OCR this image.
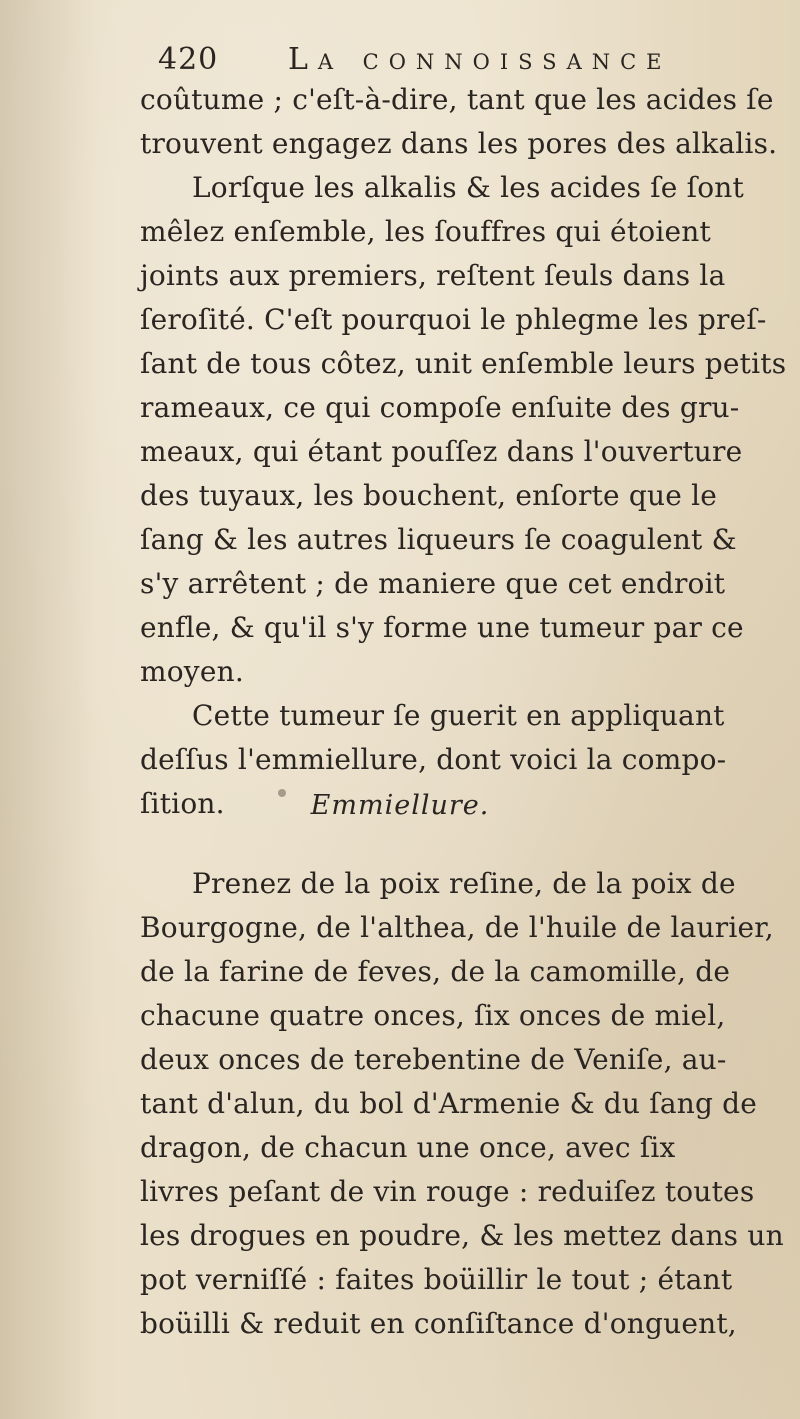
420	La connoissance
coûtume ; c'eſt-à-dire, tant que les acides ſe
trouvent engagez dans les pores des alkalis.
Lorſque les alkalis & les acides ſe ſont
mêlez enſemble, les ſouffres qui étoient
joints aux premiers, reſtent ſeuls dans la
ſeroſité. C'eſt pourquoi le phlegme les preſ-
ſant de tous côtez, unit enſemble leurs petits
rameaux, ce qui compoſe enſuite des gru-
meaux, qui étant pouſſez dans l'ouverture
des tuyaux, les bouchent, enſorte que le
ſang & les autres liqueurs ſe coagulent &
s'y arrêtent ; de maniere que cet endroit
enfle, & qu'il s'y forme une tumeur par ce
moyen.
Cette tumeur ſe guerit en appliquant
deſſus l'emmiellure, dont voici la compo-
ſition.	Emmiellure.
Prenez de la poix reſine, de la poix de
Bourgogne, de l'althea, de l'huile de laurier,
de la farine de feves, de la camomille, de
chacune quatre onces, ſix onces de miel,
deux onces de terebentine de Veniſe, au-
tant d'alun, du bol d'Armenie & du ſang de
dragon, de chacun une once, avec ſix
livres peſant de vin rouge : reduiſez toutes
les drogues en poudre, & les mettez dans un
pot verniſſé : faites boüillir le tout ; étant
boüilli & reduit en conſiſtance d'onguent,
